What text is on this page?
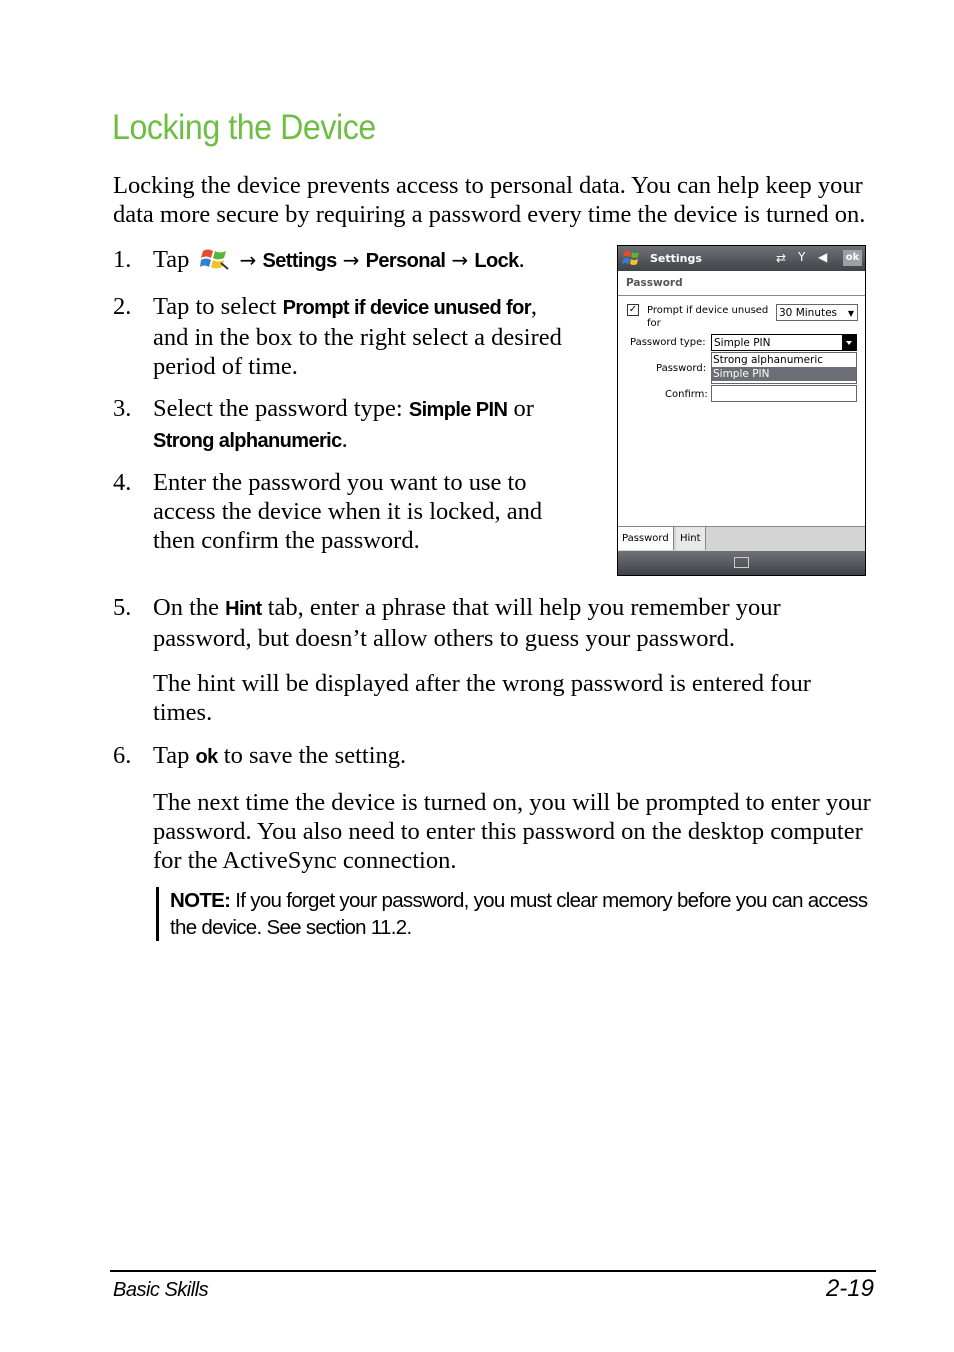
Locking the Device
Locking the device prevents access to personal data. You can help keep your data more secure by requiring a password every time the device is turned on.
1. Tap	→ Settings → Personal → Lock.
2. Tap to select Prompt if device unused for,
and in the box to the right select a desired
period of time.
3. Select the password type: Simple PIN or
Strong alphanumeric.
4. Enter the password you want to use to
access the device when it is locked, and
then confirm the password.
Settings	⇄ Y ◀ ok
Password
✓ Prompt if device unused
for
30 Minutes ▼
Password type: Simple PIN
Strong alphanumeric
Simple PIN
Password:
Confirm:
Password	Hint
5. On the Hint tab, enter a phrase that will help you remember your
password, but doesn’t allow others to guess your password.
The hint will be displayed after the wrong password is entered four
times.
6. Tap ok to save the setting.
The next time the device is turned on, you will be prompted to enter your
password. You also need to enter this password on the desktop computer
for the ActiveSync connection.
NOTE: If you forget your password, you must clear memory before you can access the device. See section 11.2.
Basic Skills	2-19
